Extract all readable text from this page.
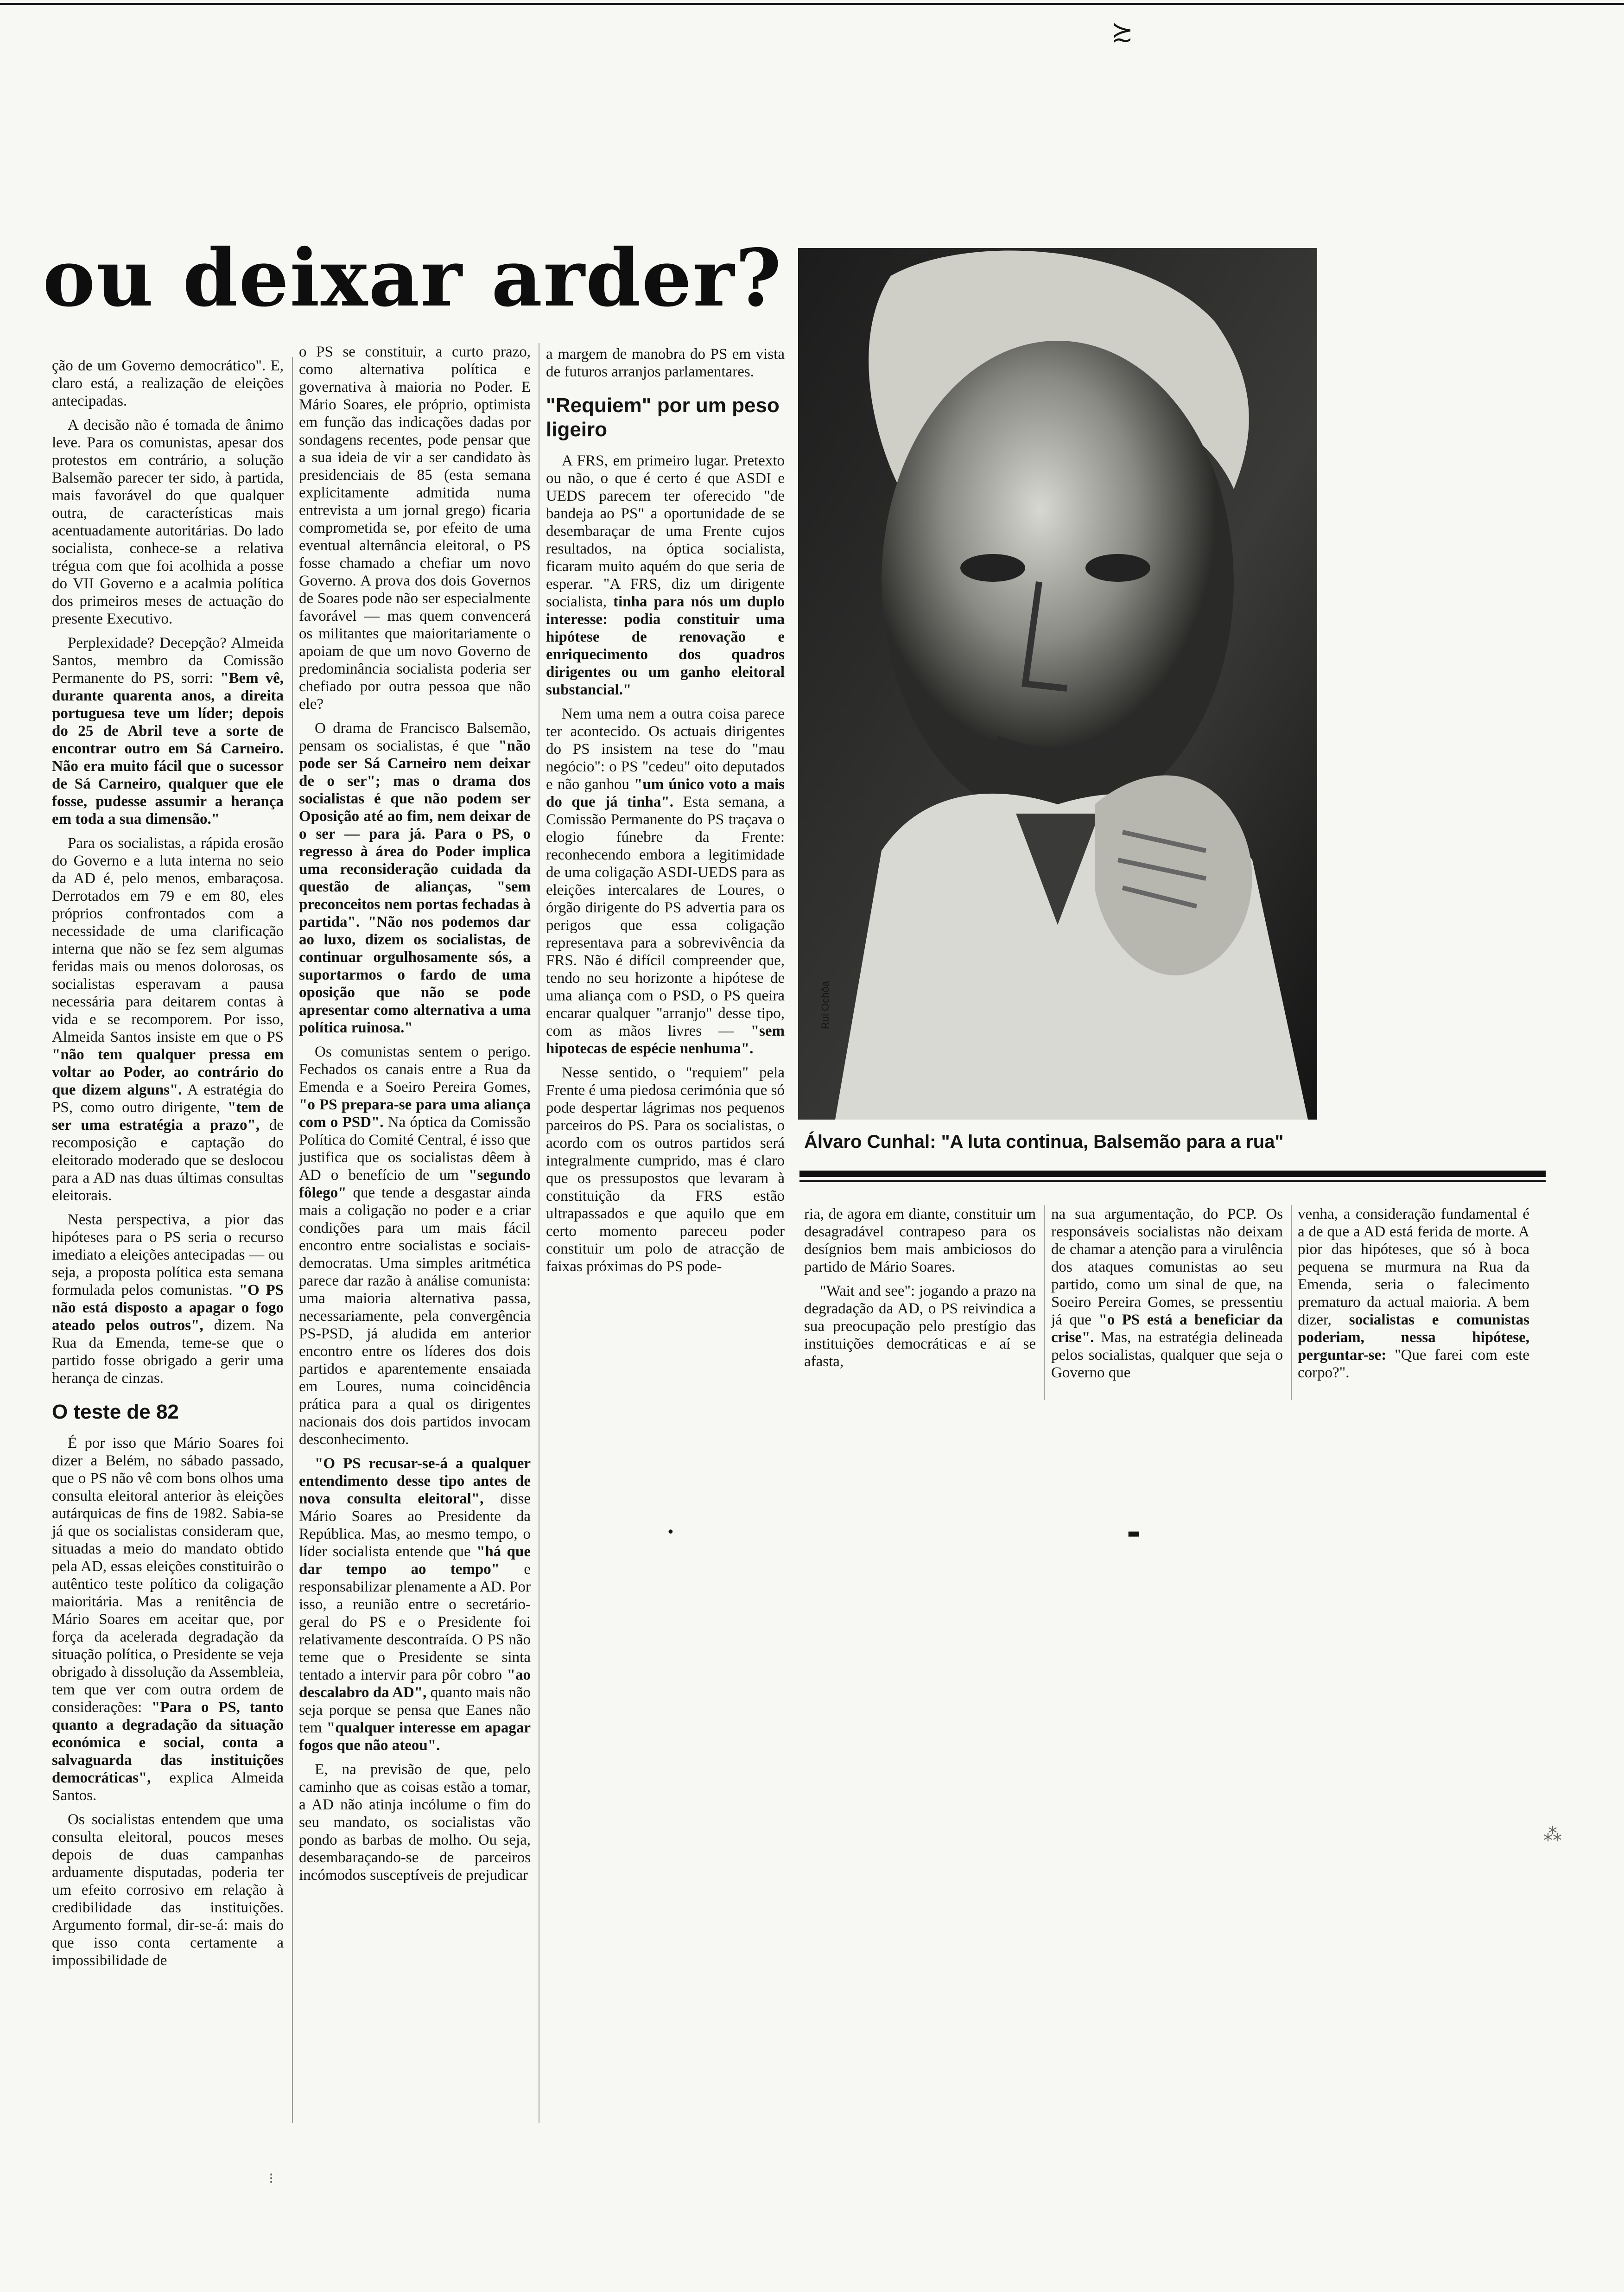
≿
ou deixar arder?

ção de um Governo democrático". E, claro está, a realização de eleições antecipadas.

A decisão não é tomada de ânimo leve. Para os comunistas, apesar dos protestos em contrário, a solução Balsemão parecer ter sido, à partida, mais favorável do que qualquer outra, de características mais acentuadamente autoritárias. Do lado socialista, conhece-se a relativa trégua com que foi acolhida a posse do VII Governo e a acalmia política dos primeiros meses de actuação do presente Executivo.

Perplexidade? Decepção? Almeida Santos, membro da Comissão Permanente do PS, sorri: "Bem vê, durante quarenta anos, a direita portuguesa teve um líder; depois do 25 de Abril teve a sorte de encontrar outro em Sá Carneiro. Não era muito fácil que o sucessor de Sá Carneiro, qualquer que ele fosse, pudesse assumir a herança em toda a sua dimensão."

Para os socialistas, a rápida erosão do Governo e a luta interna no seio da AD é, pelo menos, embaraçosa. Derrotados em 79 e em 80, eles próprios confrontados com a necessidade de uma clarificação interna que não se fez sem algumas feridas mais ou menos dolorosas, os socialistas esperavam a pausa necessária para deitarem contas à vida e se recomporem. Por isso, Almeida Santos insiste em que o PS "não tem qualquer pressa em voltar ao Poder, ao contrário do que dizem alguns". A estratégia do PS, como outro dirigente, "tem de ser uma estratégia a prazo", de recomposição e captação do eleitorado moderado que se deslocou para a AD nas duas últimas consultas eleitorais.

Nesta perspectiva, a pior das hipóteses para o PS seria o recurso imediato a eleições antecipadas — ou seja, a proposta política esta semana formulada pelos comunistas. "O PS não está disposto a apagar o fogo ateado pelos outros", dizem. Na Rua da Emenda, teme-se que o partido fosse obrigado a gerir uma herança de cinzas.

O teste de 82

É por isso que Mário Soares foi dizer a Belém, no sábado passado, que o PS não vê com bons olhos uma consulta eleitoral anterior às eleições autárquicas de fins de 1982. Sabia-se já que os socialistas consideram que, situadas a meio do mandato obtido pela AD, essas eleições constituirão o autêntico teste político da coligação maioritária. Mas a renitência de Mário Soares em aceitar que, por força da acelerada degradação da situação política, o Presidente se veja obrigado à dissolução da Assembleia, tem que ver com outra ordem de considerações: "Para o PS, tanto quanto a degradação da situação económica e social, conta a salvaguarda das instituições democráticas", explica Almeida Santos.

Os socialistas entendem que uma consulta eleitoral, poucos meses depois de duas campanhas arduamente disputadas, poderia ter um efeito corrosivo em relação à credibilidade das instituições. Argumento formal, dir-se-á: mais do que isso conta certamente a impossibilidade de

o PS se constituir, a curto prazo, como alternativa política e governativa à maioria no Poder. E Mário Soares, ele próprio, optimista em função das indicações dadas por sondagens recentes, pode pensar que a sua ideia de vir a ser candidato às presidenciais de 85 (esta semana explicitamente admitida numa entrevista a um jornal grego) ficaria comprometida se, por efeito de uma eventual alternância eleitoral, o PS fosse chamado a chefiar um novo Governo. A prova dos dois Governos de Soares pode não ser especialmente favorável — mas quem convencerá os militantes que maioritariamente o apoiam de que um novo Governo de predominância socialista poderia ser chefiado por outra pessoa que não ele?

O drama de Francisco Balsemão, pensam os socialistas, é que "não pode ser Sá Carneiro nem deixar de o ser"; mas o drama dos socialistas é que não podem ser Oposição até ao fim, nem deixar de o ser — para já. Para o PS, o regresso à área do Poder implica uma reconsideração cuidada da questão de alianças, "sem preconceitos nem portas fechadas à partida". "Não nos podemos dar ao luxo, dizem os socialistas, de continuar orgulhosamente sós, a suportarmos o fardo de uma oposição que não se pode apresentar como alternativa a uma política ruinosa."

Os comunistas sentem o perigo. Fechados os canais entre a Rua da Emenda e a Soeiro Pereira Gomes, "o PS prepara-se para uma aliança com o PSD". Na óptica da Comissão Política do Comité Central, é isso que justifica que os socialistas dêem à AD o benefício de um "segundo fôlego" que tende a desgastar ainda mais a coligação no poder e a criar condições para um mais fácil encontro entre socialistas e sociais-democratas. Uma simples aritmética parece dar razão à análise comunista: uma maioria alternativa passa, necessariamente, pela convergência PS-PSD, já aludida em anterior encontro entre os líderes dos dois partidos e aparentemente ensaiada em Loures, numa coincidência prática para a qual os dirigentes nacionais dos dois partidos invocam desconhecimento.

"O PS recusar-se-á a qualquer entendimento desse tipo antes de nova consulta eleitoral", disse Mário Soares ao Presidente da República. Mas, ao mesmo tempo, o líder socialista entende que "há que dar tempo ao tempo" e responsabilizar plenamente a AD. Por isso, a reunião entre o secretário-geral do PS e o Presidente foi relativamente descontraída. O PS não teme que o Presidente se sinta tentado a intervir para pôr cobro "ao descalabro da AD", quanto mais não seja porque se pensa que Eanes não tem "qualquer interesse em apagar fogos que não ateou".

E, na previsão de que, pelo caminho que as coisas estão a tomar, a AD não atinja incólume o fim do seu mandato, os socialistas vão pondo as barbas de molho. Ou seja, desembaraçando-se de parceiros incómodos susceptíveis de prejudicar

a margem de manobra do PS em vista de futuros arranjos parlamentares.

"Requiem" por um peso ligeiro

A FRS, em primeiro lugar. Pretexto ou não, o que é certo é que ASDI e UEDS parecem ter oferecido "de bandeja ao PS" a oportunidade de se desembaraçar de uma Frente cujos resultados, na óptica socialista, ficaram muito aquém do que seria de esperar. "A FRS, diz um dirigente socialista, tinha para nós um duplo interesse: podia constituir uma hipótese de renovação e enriquecimento dos quadros dirigentes ou um ganho eleitoral substancial."

Nem uma nem a outra coisa parece ter acontecido. Os actuais dirigentes do PS insistem na tese do "mau negócio": o PS "cedeu" oito deputados e não ganhou "um único voto a mais do que já tinha". Esta semana, a Comissão Permanente do PS traçava o elogio fúnebre da Frente: reconhecendo embora a legitimidade de uma coligação ASDI-UEDS para as eleições intercalares de Loures, o órgão dirigente do PS advertia para os perigos que essa coligação representava para a sobrevivência da FRS. Não é difícil compreender que, tendo no seu horizonte a hipótese de uma aliança com o PSD, o PS queira encarar qualquer "arranjo" desse tipo, com as mãos livres — "sem hipotecas de espécie nenhuma".

Nesse sentido, o "requiem" pela Frente é uma piedosa cerimónia que só pode despertar lágrimas nos pequenos parceiros do PS. Para os socialistas, o acordo com os outros partidos será integralmente cumprido, mas é claro que os pressupostos que levaram à constituição da FRS estão ultrapassados e que aquilo que em certo momento pareceu poder constituir um polo de atracção de faixas próximas do PS pode-

Rui Ochôa

Álvaro Cunhal: "A luta continua, Balsemão para a rua"

ria, de agora em diante, constituir um desagradável contrapeso para os desígnios bem mais ambiciosos do partido de Mário Soares.

"Wait and see": jogando a prazo na degradação da AD, o PS reivindica a sua preocupação pelo prestígio das instituições democráticas e aí se afasta,

na sua argumentação, do PCP. Os responsáveis socialistas não deixam de chamar a atenção para a virulência dos ataques comunistas ao seu partido, como um sinal de que, na Soeiro Pereira Gomes, se pressentiu já que "o PS está a beneficiar da crise". Mas, na estratégia delineada pelos socialistas, qualquer que seja o Governo que

venha, a consideração fundamental é a de que a AD está ferida de morte. A pior das hipóteses, que só à boca pequena se murmura na Rua da Emenda, seria o falecimento prematuro da actual maioria. A bem dizer, socialistas e comunistas poderiam, nessa hipótese, perguntar-se: "Que farei com este corpo?".

•	▬
⁂
⁝
